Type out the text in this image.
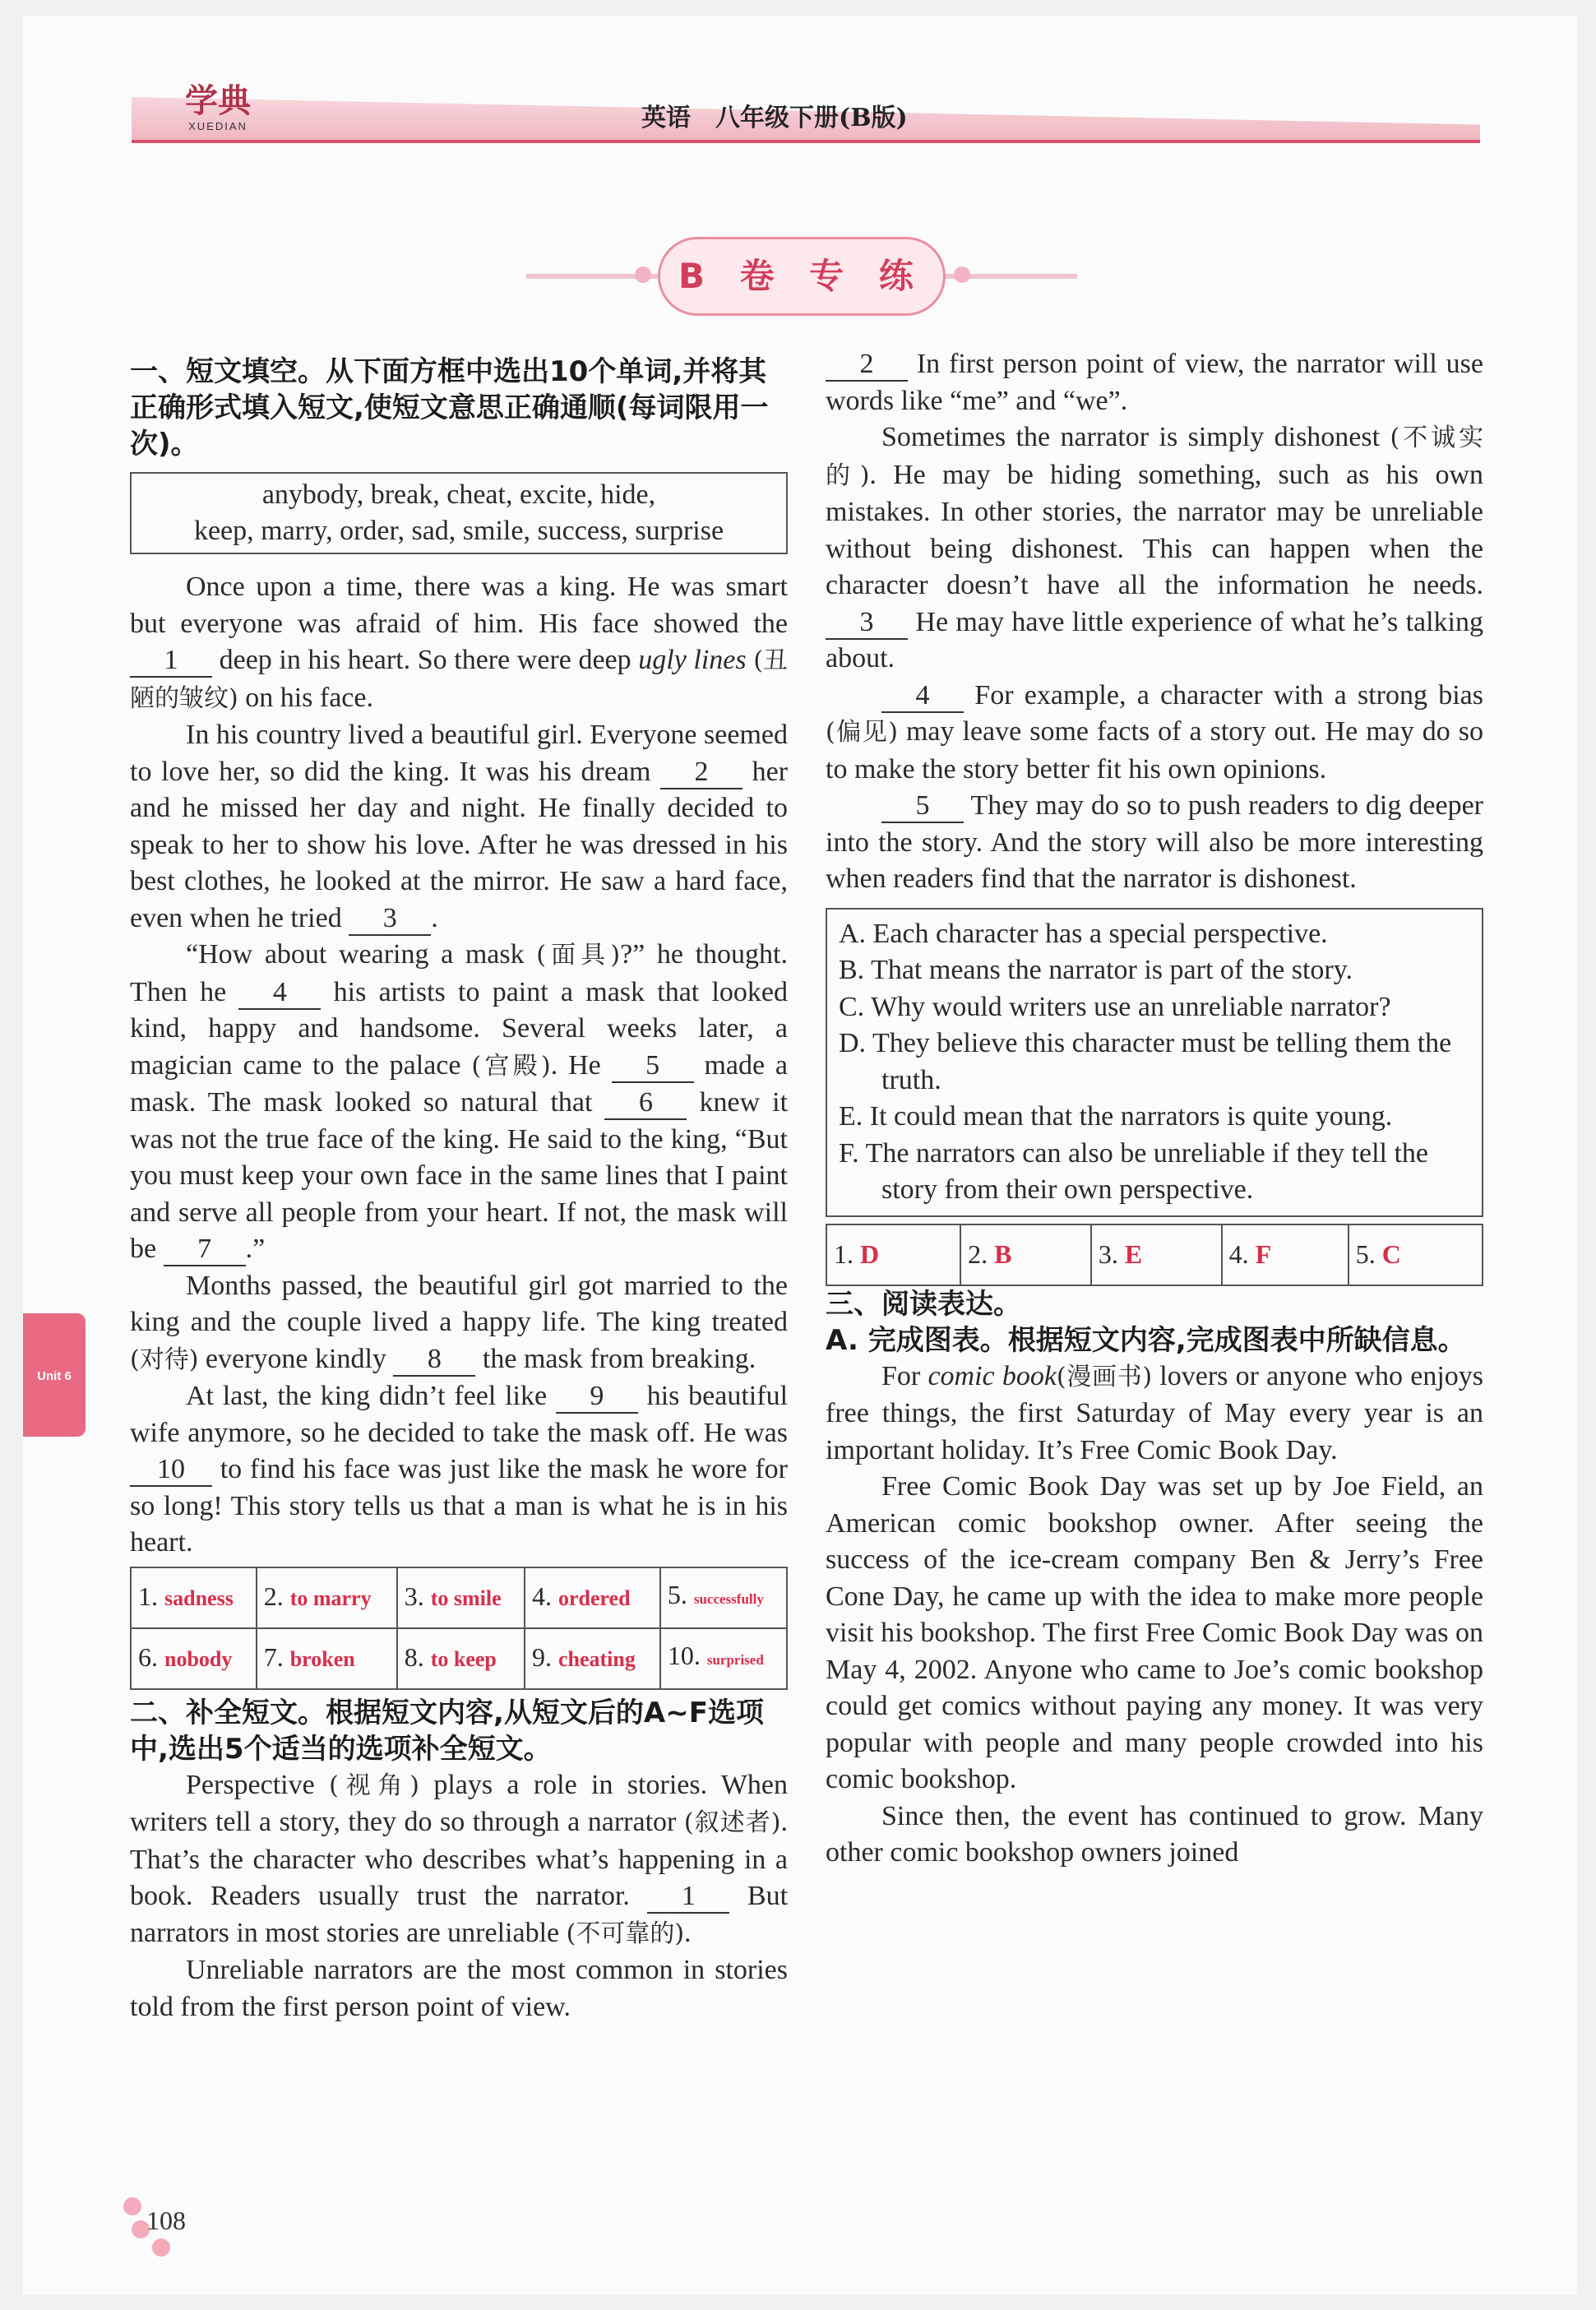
学典
XUEDIAN	英语　八年级下册(B版)
B 卷 专 练
一、短文填空。从下面方框中选出10个单词,并将其正确形式填入短文,使短文意思正确通顺(每词限用一次)。
anybody, break, cheat, excite, hide,
keep, marry, order, sad, smile, success, surprise
Once upon a time, there was a king. He was smart but everyone was afraid of him. His face showed the 1 deep in his heart. So there were deep ugly lines (丑陋的皱纹) on his face.
In his country lived a beautiful girl. Everyone seemed to love her, so did the king. It was his dream 2 her and he missed her day and night. He finally decided to speak to her to show his love. After he was dressed in his best clothes, he looked at the mirror. He saw a hard face, even when he tried 3 .
“How about wearing a mask (面具)?” he thought. Then he 4 his artists to paint a mask that looked kind, happy and handsome. Several weeks later, a magician came to the palace (宫殿). He 5 made a mask. The mask looked so natural that 6 knew it was not the true face of the king. He said to the king, “But you must keep your own face in the same lines that I paint and serve all people from your heart. If not, the mask will be 7 .”
Months passed, the beautiful girl got married to the king and the couple lived a happy life. The king treated (对待) everyone kindly 8 the mask from breaking.
At last, the king didn’t feel like 9 his beautiful wife anymore, so he decided to take the mask off. He was 10 to find his face was just like the mask he wore for so long! This story tells us that a man is what he is in his heart.
1. sadness	2. to marry	3. to smile	4. ordered	5. successfully
6. nobody	7. broken	8. to keep	9. cheating	10. surprised
二、补全短文。根据短文内容,从短文后的A~F选项中,选出5个适当的选项补全短文。
Perspective (视角) plays a role in stories. When writers tell a story, they do so through a narrator (叙述者). That’s the character who describes what’s happening in a book. Readers usually trust the narrator. 1 But narrators in most stories are unreliable (不可靠的).
Unreliable narrators are the most common in stories told from the first person point of view.
2 In first person point of view, the narrator will use words like “me” and “we”.
Sometimes the narrator is simply dishonest (不诚实的). He may be hiding something, such as his own mistakes. In other stories, the narrator may be unreliable without being dishonest. This can happen when the character doesn’t have all the information he needs. 3 He may have little experience of what he’s talking about.
4 For example, a character with a strong bias (偏见) may leave some facts of a story out. He may do so to make the story better fit his own opinions.
5 They may do so to push readers to dig deeper into the story. And the story will also be more interesting when readers find that the narrator is dishonest.
A. Each character has a special perspective.
B. That means the narrator is part of the story.
C. Why would writers use an unreliable narrator?
D. They believe this character must be telling them the truth.
E. It could mean that the narrators is quite young.
F. The narrators can also be unreliable if they tell the story from their own perspective.
1. D	2. B	3. E	4. F	5. C
三、阅读表达。
A. 完成图表。根据短文内容,完成图表中所缺信息。
For comic book(漫画书) lovers or anyone who enjoys free things, the first Saturday of May every year is an important holiday. It’s Free Comic Book Day.
Free Comic Book Day was set up by Joe Field, an American comic bookshop owner. After seeing the success of the ice-cream company Ben & Jerry’s Free Cone Day, he came up with the idea to make more people visit his bookshop. The first Free Comic Book Day was on May 4, 2002. Anyone who came to Joe’s comic bookshop could get comics without paying any money. It was very popular with people and many people crowded into his comic bookshop.
Since then, the event has continued to grow. Many other comic bookshop owners joined
Unit 6
108
